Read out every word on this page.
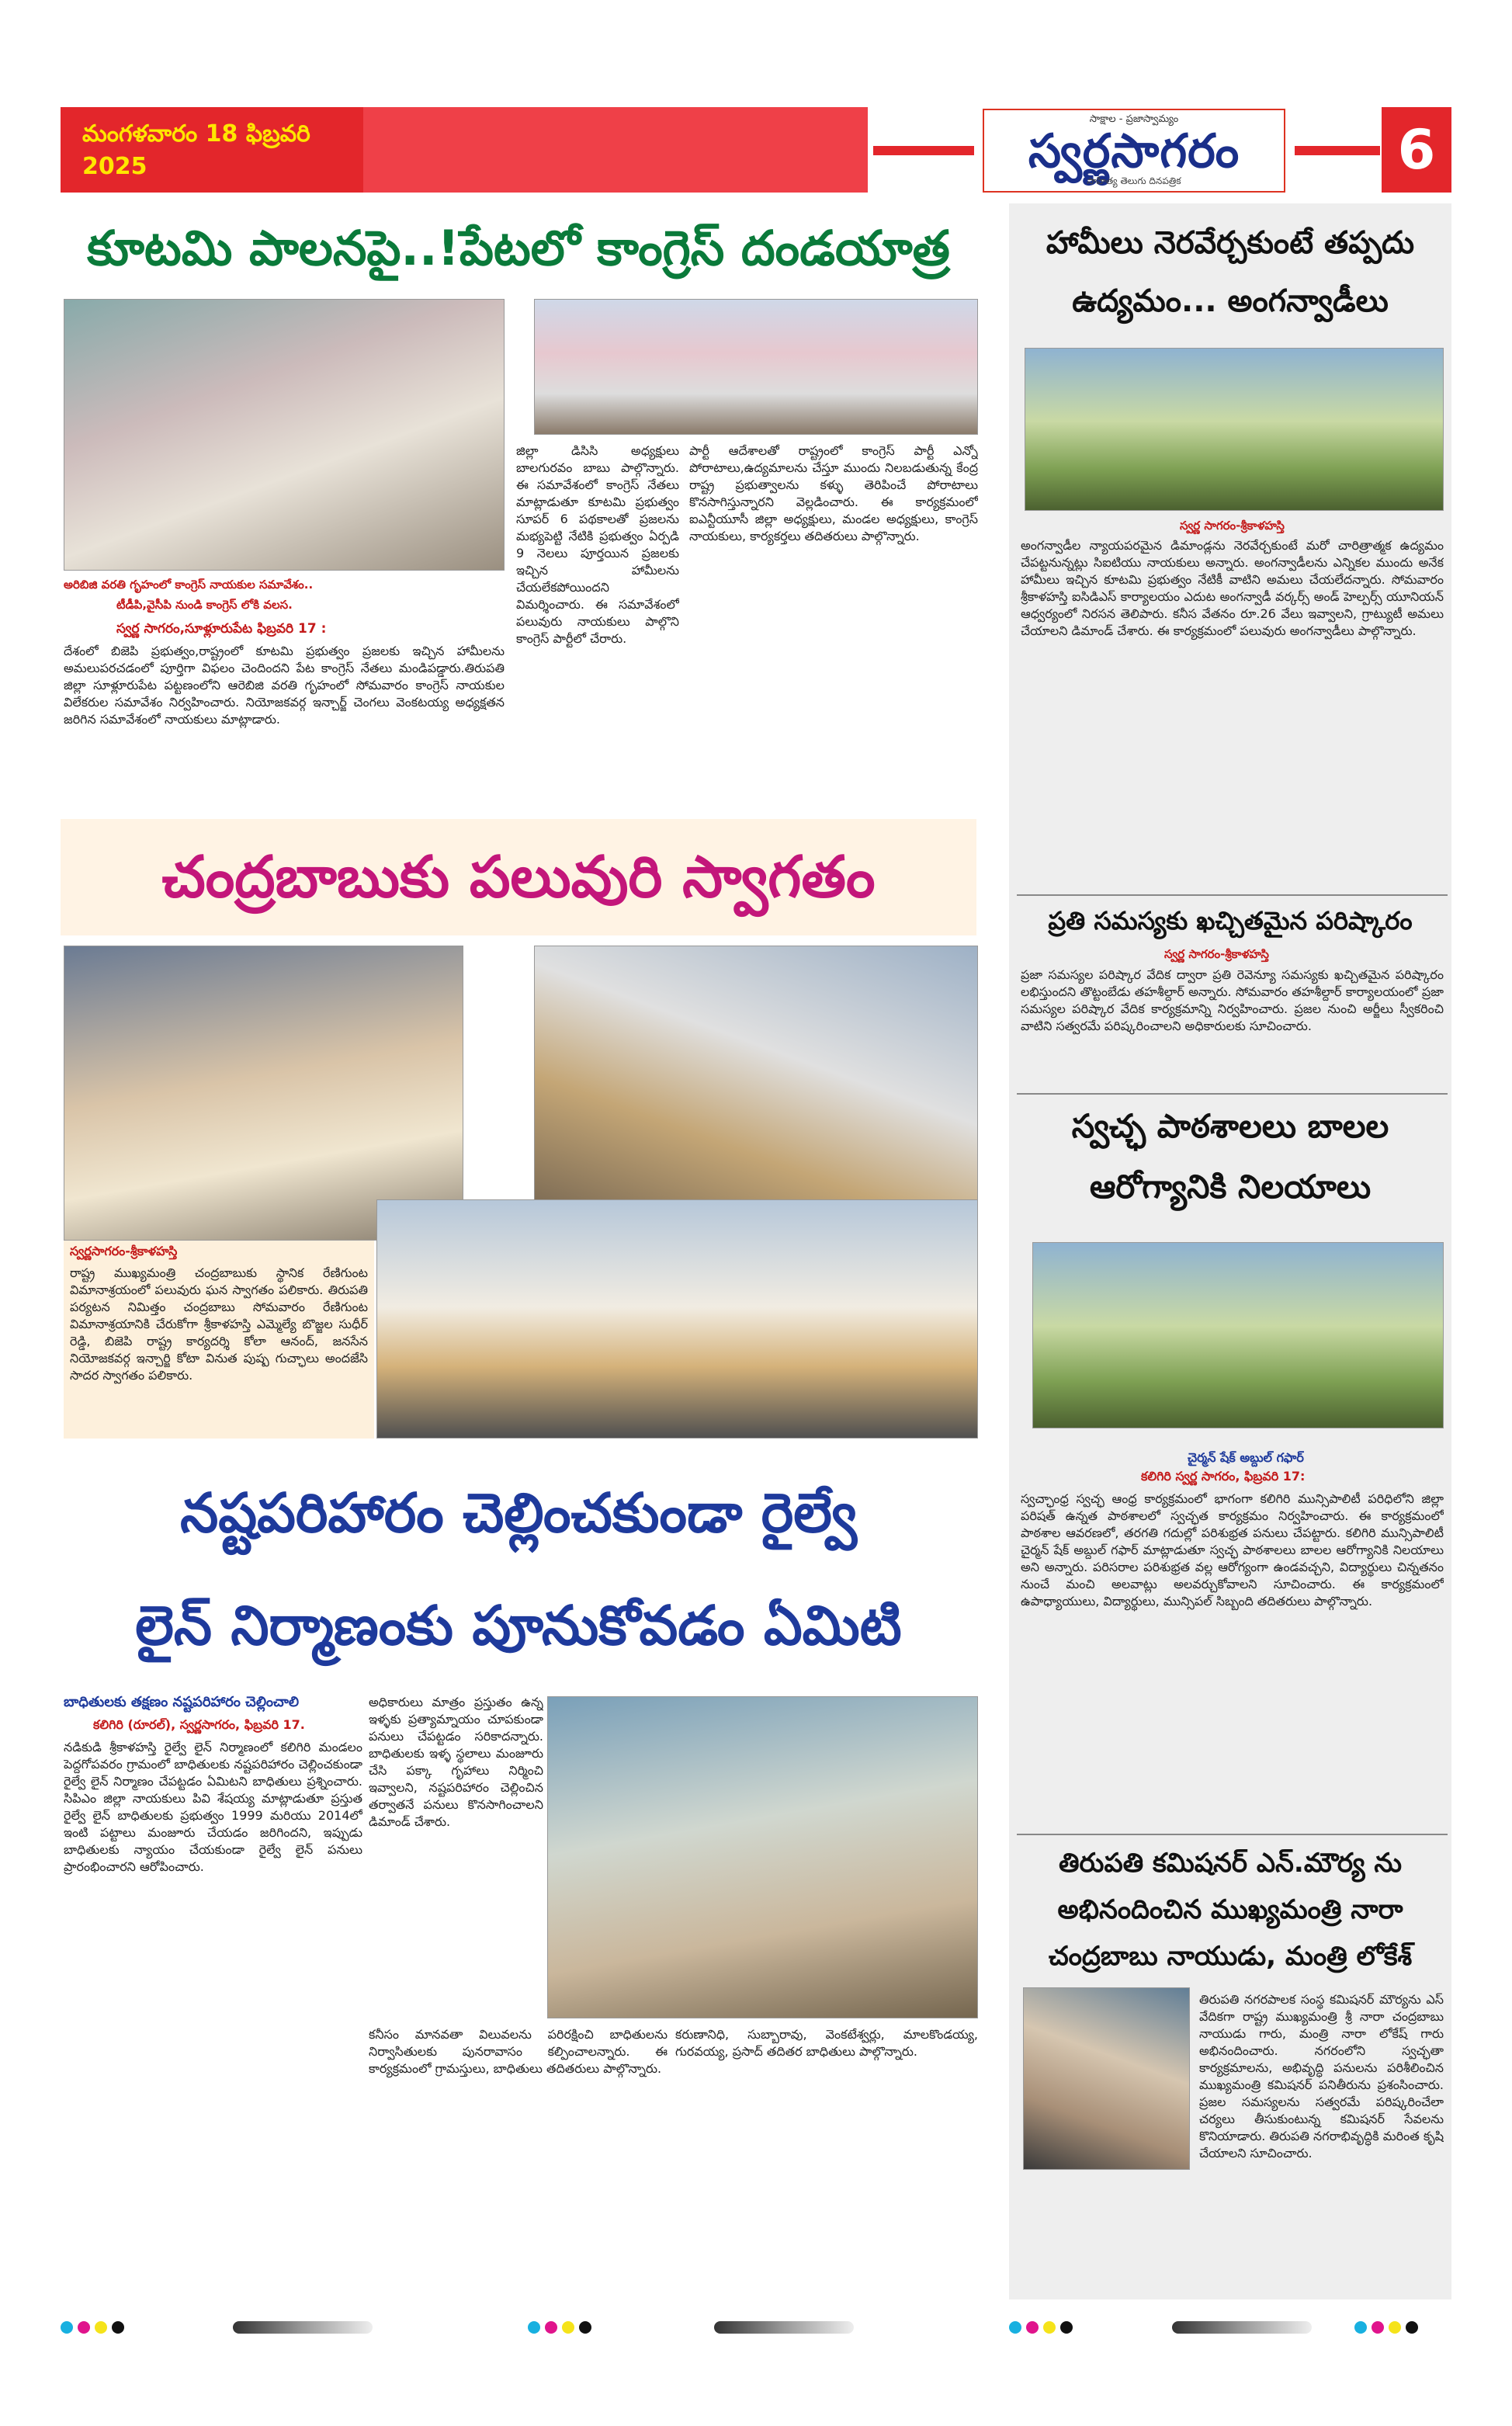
మంగళవారం 18 ఫిబ్రవరి 2025
సాక్షాల - ప్రజాస్వామ్యం
స్వర్ణసాగరం
సాహిత్య తెలుగు దినపత్రిక	6
కూటమి పాలనపై..!పేటలో కాంగ్రెస్ దండయాత్ర
అరిబిజి వరతి గృహంలో కాంగ్రెస్ నాయకుల సమావేశం..
టీడీపి,వైసీపి నుండి కాంగ్రెస్ లోకి వలస.
స్వర్ణ సాగరం,సూళ్లూరుపేట ఫిబ్రవరి 17 :
దేశంలో బిజెపి ప్రభుత్వం,రాష్ట్రంలో కూటమి ప్రభుత్వం ప్రజలకు ఇచ్చిన హామీలను అమలుపరచడంలో పూర్తిగా విఫలం చెందిందని పేట కాంగ్రెస్ నేతలు మండిపడ్డారు.తిరుపతి జిల్లా సూళ్లూరుపేట పట్టణంలోని ఆరెబిజి వరతి గృహంలో సోమవారం కాంగ్రెస్ నాయకుల విలేకరుల సమావేశం నిర్వహించారు. నియోజకవర్గ ఇన్చార్జ్ చెంగలు వెంకటయ్య అధ్యక్షతన జరిగిన సమావేశంలో నాయకులు మాట్లాడారు.
జిల్లా డిసిసి అధ్యక్షులు బాలగురవం బాబు పాల్గొన్నారు. ఈ సమావేశంలో కాంగ్రెస్ నేతలు మాట్లాడుతూ కూటమి ప్రభుత్వం సూపర్ 6 పథకాలతో ప్రజలను మభ్యపెట్టి నేటికి ప్రభుత్వం ఏర్పడి 9 నెలలు పూర్తయిన ప్రజలకు ఇచ్చిన హామీలను చేయలేకపోయిందని విమర్శించారు. ఈ సమావేశంలో పలువురు నాయకులు పాల్గొని కాంగ్రెస్ పార్టీలో చేరారు.
పార్టీ ఆదేశాలతో రాష్ట్రంలో కాంగ్రెస్ పార్టీ ఎన్నో పోరాటాలు,ఉద్యమాలను చేస్తూ ముందు నిలబడుతున్న కేంద్ర రాష్ట్ర ప్రభుత్వాలను కళ్ళు తెరిపించే పోరాటాలు కొనసాగిస్తున్నారని వెల్లడించారు. ఈ కార్యక్రమంలో ఐఎన్టీయూసీ జిల్లా అధ్యక్షులు, మండల అధ్యక్షులు, కాంగ్రెస్ నాయకులు, కార్యకర్తలు తదితరులు పాల్గొన్నారు.
చంద్రబాబుకు పలువురి స్వాగతం
స్వర్ణసాగరం-శ్రీకాళహస్తి
రాష్ట్ర ముఖ్యమంత్రి చంద్రబాబుకు స్థానిక రేణిగుంట విమానాశ్రయంలో పలువురు ఘన స్వాగతం పలికారు. తిరుపతి పర్యటన నిమిత్తం చంద్రబాబు సోమవారం రేణిగుంట విమానాశ్రయానికి చేరుకోగా శ్రీకాళహస్తి ఎమ్మెల్యే బొజ్జల సుధీర్ రెడ్డి, బిజెపి రాష్ట్ర కార్యదర్శి కోలా ఆనంద్, జనసేన నియోజకవర్గ ఇన్చార్జి కోటా వినుత పుష్ప గుచ్ఛాలు అందజేసి సాదర స్వాగతం పలికారు.
నష్టపరిహారం చెల్లించకుండా రైల్వే
లైన్ నిర్మాణంకు పూనుకోవడం ఏమిటి
బాధితులకు తక్షణం నష్టపరిహారం చెల్లించాలి
కలిగిరి (రూరల్), స్వర్ణసాగరం, ఫిబ్రవరి 17.
నడికుడి శ్రీకాళహస్తి రైల్వే లైన్ నిర్మాణంలో కలిగిరి మండలం పెద్దగోపవరం గ్రామంలో బాధితులకు నష్టపరిహారం చెల్లించకుండా రైల్వే లైన్ నిర్మాణం చేపట్టడం ఏమిటని బాధితులు ప్రశ్నించారు. సిపిఎం జిల్లా నాయకులు పివి శేషయ్య మాట్లాడుతూ ప్రస్తుత రైల్వే లైన్ బాధితులకు ప్రభుత్వం 1999 మరియు 2014లో ఇంటి పట్టాలు మంజూరు చేయడం జరిగిందని, ఇప్పుడు బాధితులకు న్యాయం చేయకుండా రైల్వే లైన్ పనులు ప్రారంభించారని ఆరోపించారు.
అధికారులు మాత్రం ప్రస్తుతం ఉన్న ఇళ్ళకు ప్రత్యామ్నాయం చూపకుండా పనులు చేపట్టడం సరికాదన్నారు. బాధితులకు ఇళ్ళ స్థలాలు మంజూరు చేసి పక్కా గృహాలు నిర్మించి ఇవ్వాలని, నష్టపరిహారం చెల్లించిన తర్వాతనే పనులు కొనసాగించాలని డిమాండ్ చేశారు.
కనీసం మానవతా విలువలను పరిరక్షించి బాధితులను నిర్వాసితులకు పునరావాసం కల్పించాలన్నారు. ఈ కార్యక్రమంలో గ్రామస్తులు, బాధితులు తదితరులు పాల్గొన్నారు.
కరుణానిధి, సుబ్బారావు, వెంకటేశ్వర్లు, మాలకొండయ్య, గురవయ్య, ప్రసాద్ తదితర బాధితులు పాల్గొన్నారు.
హామీలు నెరవేర్చకుంటే తప్పదు
ఉద్యమం... అంగన్వాడీలు
స్వర్ణ సాగరం-శ్రీకాళహస్తి
అంగన్వాడీల న్యాయపరమైన డిమాండ్లను నెరవేర్చకుంటే మరో చారిత్రాత్మక ఉద్యమం చేపట్టనున్నట్లు సిఐటియు నాయకులు అన్నారు. అంగన్వాడీలను ఎన్నికల ముందు అనేక హామీలు ఇచ్చిన కూటమి ప్రభుత్వం నేటికీ వాటిని అమలు చేయలేదన్నారు. సోమవారం శ్రీకాళహస్తి ఐసిడిఎస్ కార్యాలయం ఎదుట అంగన్వాడీ వర్కర్స్ అండ్ హెల్పర్స్ యూనియన్ ఆధ్వర్యంలో నిరసన తెలిపారు. కనీస వేతనం రూ.26 వేలు ఇవ్వాలని, గ్రాట్యుటీ అమలు చేయాలని డిమాండ్ చేశారు. ఈ కార్యక్రమంలో పలువురు అంగన్వాడీలు పాల్గొన్నారు.
ప్రతి సమస్యకు ఖచ్చితమైన పరిష్కారం
స్వర్ణ సాగరం-శ్రీకాళహస్తి
ప్రజా సమస్యల పరిష్కార వేదిక ద్వారా ప్రతి రెవెన్యూ సమస్యకు ఖచ్చితమైన పరిష్కారం లభిస్తుందని తొట్టంబేడు తహశీల్దార్ అన్నారు. సోమవారం తహశీల్దార్ కార్యాలయంలో ప్రజా సమస్యల పరిష్కార వేదిక కార్యక్రమాన్ని నిర్వహించారు. ప్రజల నుంచి అర్జీలు స్వీకరించి వాటిని సత్వరమే పరిష్కరించాలని అధికారులకు సూచించారు.
స్వచ్ఛ పాఠశాలలు బాలల
ఆరోగ్యానికి నిలయాలు
చైర్మన్ షేక్ అబ్దుల్ గఫార్
కలిగిరి స్వర్ణ సాగరం, ఫిబ్రవరి 17:
స్వచ్ఛాంధ్ర స్వచ్ఛ ఆంధ్ర కార్యక్రమంలో భాగంగా కలిగిరి మున్సిపాలిటీ పరిధిలోని జిల్లా పరిషత్ ఉన్నత పాఠశాలలో స్వచ్ఛత కార్యక్రమం నిర్వహించారు. ఈ కార్యక్రమంలో పాఠశాల ఆవరణలో, తరగతి గదుల్లో పరిశుభ్రత పనులు చేపట్టారు. కలిగిరి మున్సిపాలిటీ చైర్మన్ షేక్ అబ్దుల్ గఫార్ మాట్లాడుతూ స్వచ్ఛ పాఠశాలలు బాలల ఆరోగ్యానికి నిలయాలు అని అన్నారు. పరిసరాల పరిశుభ్రత వల్ల ఆరోగ్యంగా ఉండవచ్చని, విద్యార్థులు చిన్నతనం నుంచే మంచి అలవాట్లు అలవర్చుకోవాలని సూచించారు. ఈ కార్యక్రమంలో ఉపాధ్యాయులు, విద్యార్థులు, మున్సిపల్ సిబ్బంది తదితరులు పాల్గొన్నారు.
తిరుపతి కమిషనర్ ఎన్.మౌర్య ను
అభినందించిన ముఖ్యమంత్రి నారా
చంద్రబాబు నాయుడు, మంత్రి లోకేశ్
తిరుపతి నగరపాలక సంస్థ కమిషనర్ మౌర్యను ఎస్ వేదికగా రాష్ట్ర ముఖ్యమంత్రి శ్రీ నారా చంద్రబాబు నాయుడు గారు, మంత్రి నారా లోకేష్ గారు అభినందించారు. నగరంలోని స్వచ్ఛతా కార్యక్రమాలను, అభివృద్ధి పనులను పరిశీలించిన ముఖ్యమంత్రి కమిషనర్ పనితీరును ప్రశంసించారు. ప్రజల సమస్యలను సత్వరమే పరిష్కరించేలా చర్యలు తీసుకుంటున్న కమిషనర్ సేవలను కొనియాడారు. తిరుపతి నగరాభివృద్ధికి మరింత కృషి చేయాలని సూచించారు.
